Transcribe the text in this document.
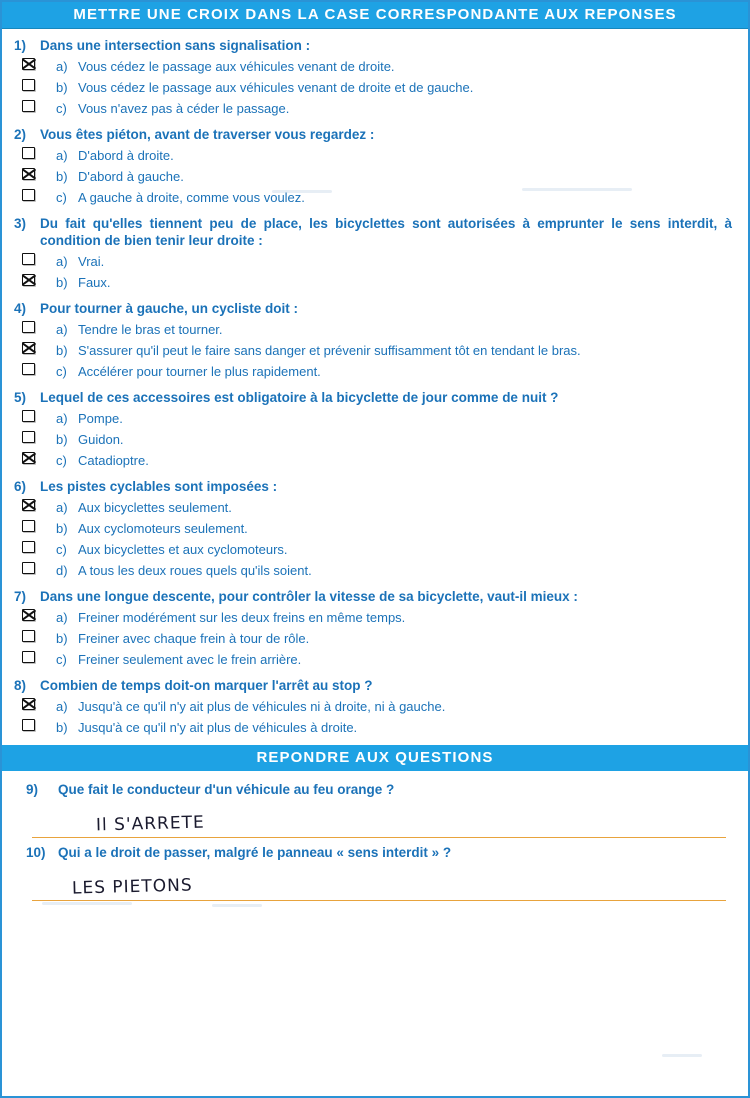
METTRE UNE CROIX DANS LA CASE CORRESPONDANTE AUX REPONSES
1)	Dans une intersection sans signalisation :
a) Vous cédez le passage aux véhicules venant de droite.
b) Vous cédez le passage aux véhicules venant de droite et de gauche.
c) Vous n'avez pas à céder le passage.
2)	Vous êtes piéton, avant de traverser vous regardez :
a) D'abord à droite.
b) D'abord à gauche.
c) A gauche à droite, comme vous voulez.
3)	Du fait qu'elles tiennent peu de place, les bicyclettes sont autorisées à emprunter le sens interdit, à condition de bien tenir leur droite :
a) Vrai.
b) Faux.
4)	Pour tourner à gauche, un cycliste doit :
a) Tendre le bras et tourner.
b) S'assurer qu'il peut le faire sans danger et prévenir suffisamment tôt en tendant le bras.
c) Accélérer pour tourner le plus rapidement.
5)	Lequel de ces accessoires est obligatoire à la bicyclette de jour comme de nuit ?
a) Pompe.
b) Guidon.
c) Catadioptre.
6)	Les pistes cyclables sont imposées :
a) Aux bicyclettes seulement.
b) Aux cyclomoteurs seulement.
c) Aux bicyclettes et aux cyclomoteurs.
d) A tous les deux roues quels qu'ils soient.
7)	Dans une longue descente, pour contrôler la vitesse de sa bicyclette, vaut-il mieux :
a) Freiner modérément sur les deux freins en même temps.
b) Freiner avec chaque frein à tour de rôle.
c) Freiner seulement avec le frein arrière.
8)	Combien de temps doit-on marquer l'arrêt au stop ?
a) Jusqu'à ce qu'il n'y ait plus de véhicules ni à droite, ni à gauche.
b) Jusqu'à ce qu'il n'y ait plus de véhicules à droite.
REPONDRE AUX QUESTIONS
9)	Que fait le conducteur d'un véhicule au feu orange ?
Il S'ARRETE
10) Qui a le droit de passer, malgré le panneau « sens interdit » ?
LES PIETONS
